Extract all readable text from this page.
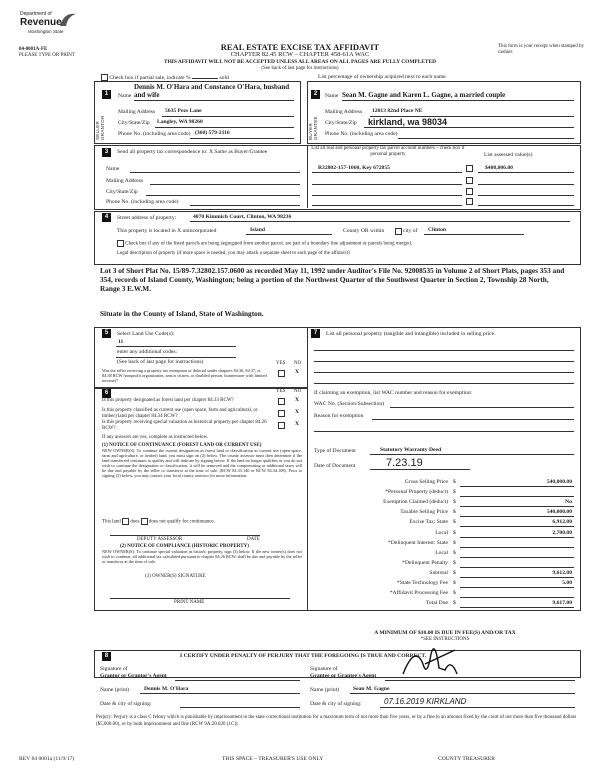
Department of
Revenue
Washington State
84-0001A-FE
PLEASE TYPE OR PRINT
REAL ESTATE EXCISE TAX AFFIDAVIT
CHAPTER 82.45 RCW – CHAPTER 458-61A WAC
THIS AFFIDAVIT WILL NOT BE ACCEPTED UNLESS ALL AREAS ON ALL PAGES ARE FULLY COMPLETED
(See back of last page for instructions)
This form is your receipt when stamped by cashier.
Check box if partial sale, indicate %	sold	List percentage of ownership acquired next to each name.
1	2
SELLER GRANTOR	BUYER GRANTEE
Name
Dennis M. O'Hara and Constance O'Hara, husband and wife
Mailing Address 5635 Pezs Lane
City/State/Zip Langley, WA 98260
Phone No. (including area code) (360) 579-2116
Name Sean M. Gagne and Karen L. Gagne, a married couple
Mailing Address 12013 82nd Place NE
City/State/Zip kirkland, wa 98034
Phone No. (including area code)
3	Send all property tax correspondence to: X Same as Buyer/Grantee
Name
Mailing Address
City/State/Zip
Phone No. (including area code)
List all real and personal property tax parcel account numbers – check box if personal property	List assessed value(s)
R32802-157-1060, Key 672855	$408,006.00
4	Street address of property:	4070 Kimmich Court, Clinton, WA 98236
This property is located in X unincorporated	Island	County OR within	city of Clinton
Check box if any of the listed parcels are being segregated from another parcel, are part of a boundary line adjustment or parcels being merged.
Legal description of property (if more space is needed, you may attach a separate sheet to each page of the affidavit)
Lot 3 of Short Plat No. 15/89-7.32802.157.0600 as recorded May 11, 1992 under Auditor's File No. 92008535 in Volume 2 of Short Plats, pages 353 and 354, records of Island County, Washington; being a portion of the Northwest Quarter of the Southwest Quarter in Section 2, Township 28 North, Range 3 E.W.M.
Situate in the County of Island, State of Washington.
5	Select Land Use Code(s):
11
enter any additional codes:
(See back of last page for instructions)	YES NO
Was the seller receiving a property tax exemption or deferral under chapters 84.36, 84.37, or 84.38 RCW (nonprofit organization, senior citizen, or disabled person, homeowner with limited income)?
X
6	YES NO
Is this property designated as forest land per chapter 84.33 RCW?	X
Is this property classified as current use (open space, farm and agricultural, or timber) land per chapter 84.34 RCW?
X
Is this property receiving special valuation as historical property per chapter 84.26 RCW?
X
If any answers are yes, complete as instructed below.
(1) NOTICE OF CONTINUANCE (FOREST LAND OR CURRENT USE)
NEW OWNER(S): To continue the current designation as forest land or classification as current use (open space, farm and agriculture, or timber) land, you must sign on (3) below. The county assessor must then determine if the land transferred continues to qualify and will indicate by signing below. If the land no longer qualifies or you do not wish to continue the designation or classification, it will be removed and the compensating or additional taxes will be due and payable by the seller or transferor at the time of sale. (RCW 84.33.140 or RCW 84.34.108). Prior to signing (3) below, you may contact your local county assessor for more information.
This land does does not qualify for continuance.
DEPUTY ASSESSOR	DATE
(2) NOTICE OF COMPLIANCE (HISTORIC PROPERTY)
NEW OWNER(S): To continue special valuation as historic property, sign (3) below. If the new owner(s) does not wish to continue, all additional tax calculated pursuant to chapter 84.26 RCW, shall be due and payable by the seller or transferor at the time of sale.
(3) OWNER(S) SIGNATURE
PRINT NAME
7	List all personal property (tangible and intangible) included in selling price.
If claiming an exemption, list WAC number and reason for exemption:
WAC No. (Section/Subsection)
Reason for exemption
Type of Document	Statutory Warranty Deed
Date of Document	7.23.19
Gross Selling Price $	540,000.00
*Personal Property (deduct) $
Exemption Claimed (deduct) $	No
Taxable Selling Price $	540,000.00
Excise Tax: State $	6,912.00
Local $	2,700.00
*Delinquent Interest: State $
Local $
*Delinquent Penalty $
Subtotal $	9,612.00
*State Technology Fee $	5.00
*Affidavit Processing Fee $
Total Due $	9,617.00
A MINIMUM OF $10.00 IS DUE IN FEE(S) AND/OR TAX
*SEE INSTRUCTIONS
8	I CERTIFY UNDER PENALTY OF PERJURY THAT THE FOREGOING IS TRUE AND CORRECT.
Signature of
Grantor or Grantor's Agent
Signature of
Grantee or Grantee's Agent
Name (print)	Dennis M. O'Hara	Name (print) Sean M. Gagne
Date & city of signing:	Date & city of signing:	07.16.2019 KIRKLAND
Perjury: Perjury is a class C felony which is punishable by imprisonment in the state correctional institution for a maximum term of not more than five years, or by a fine in an amount fixed by the court of not more than five thousand dollars ($5,000.00), or by both imprisonment and fine (RCW 9A.20.020 (1C)).
REV 84 0001a (11/9/17)	THIS SPACE – TREASURER'S USE ONLY	COUNTY TREASURER
